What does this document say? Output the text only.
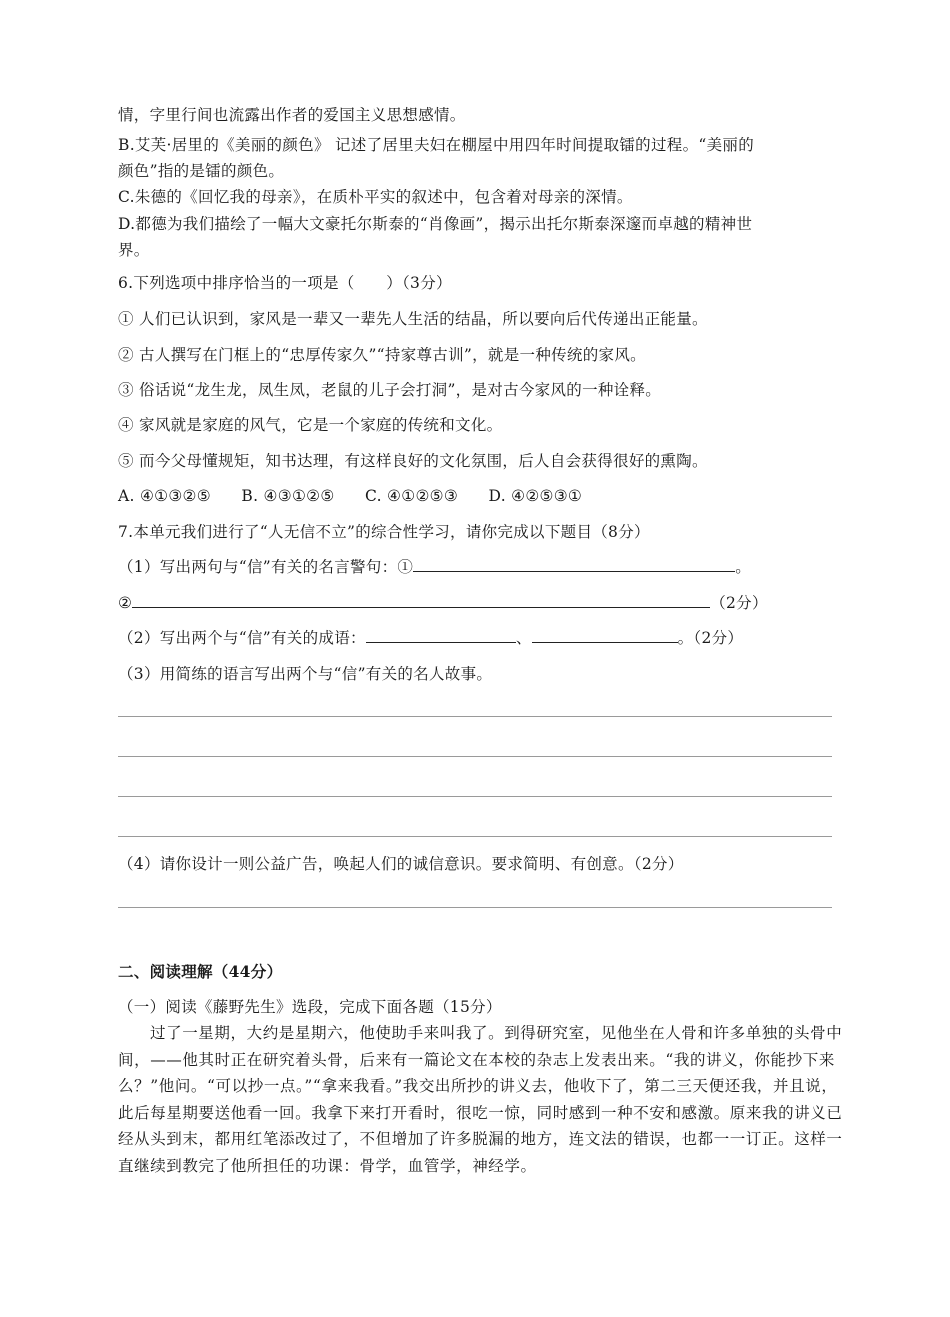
情，字里行间也流露出作者的爱国主义思想感情。
B.艾芙·居里的《美丽的颜色》 记述了居里夫妇在棚屋中用四年时间提取镭的过程。“美丽的
颜色”指的是镭的颜色。
C.朱德的《回忆我的母亲》，在质朴平实的叙述中，包含着对母亲的深情。
D.都德为我们描绘了一幅大文豪托尔斯泰的“肖像画”，揭示出托尔斯泰深邃而卓越的精神世
界。
6.下列选项中排序恰当的一项是（　　）（3分）
① 人们已认识到，家风是一辈又一辈先人生活的结晶，所以要向后代传递出正能量。
② 古人撰写在门框上的“忠厚传家久”“持家尊古训”，就是一种传统的家风。
③ 俗话说“龙生龙，凤生凤，老鼠的儿子会打洞”，是对古今家风的一种诠释。
④ 家风就是家庭的风气，它是一个家庭的传统和文化。
⑤ 而今父母懂规矩，知书达理，有这样良好的文化氛围，后人自会获得很好的熏陶。
A. ④①③②⑤ B. ④③①②⑤ C. ④①②⑤③ D. ④②⑤③①
7.本单元我们进行了“人无信不立”的综合性学习，请你完成以下题目（8分）
（1）写出两句与“信”有关的名言警句：①	。
②	（2分）
（2）写出两个与“信”有关的成语：	、	。（2分）
（3）用简练的语言写出两个与“信”有关的名人故事。
（4）请你设计一则公益广告，唤起人们的诚信意识。要求简明、有创意。（2分）
二、阅读理解（44分）
（一）阅读《藤野先生》选段，完成下面各题（15分）
过了一星期，大约是星期六，他使助手来叫我了。到得研究室，见他坐在人骨和许多单独的头骨中间，——他其时正在研究着头骨，后来有一篇论文在本校的杂志上发表出来。“我的讲义，你能抄下来么？”他问。“可以抄一点。”“拿来我看。”我交出所抄的讲义去，他收下了，第二三天便还我，并且说，此后每星期要送他看一回。我拿下来打开看时，很吃一惊，同时感到一种不安和感激。原来我的讲义已经从头到末，都用红笔添改过了，不但增加了许多脱漏的地方，连文法的错误，也都一一订正。这样一直继续到教完了他所担任的功课：骨学，血管学，神经学。
